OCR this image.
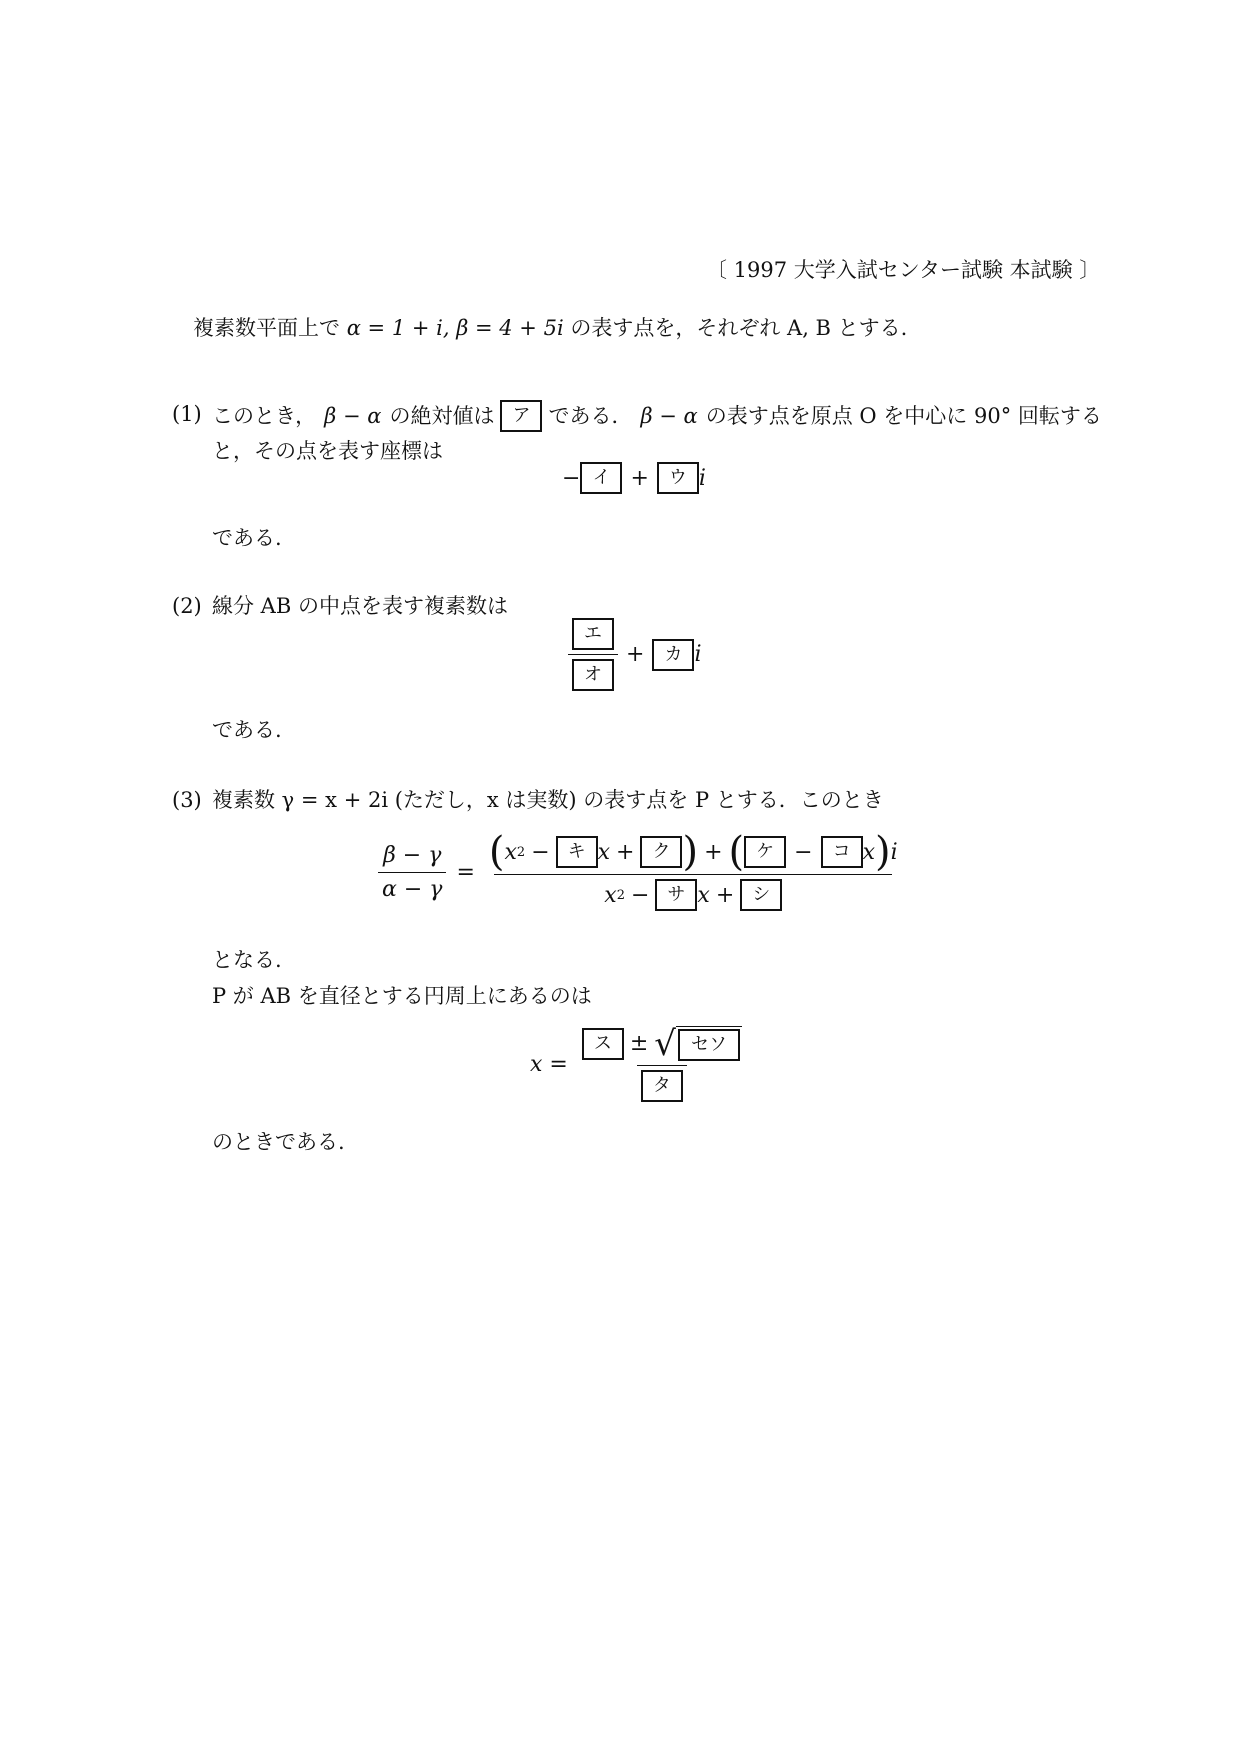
〔 1997 大学入試センター試験 本試験 〕
複素数平面上で α = 1 + i, β = 4 + 5i の表す点を，それぞれ A, B とする.
(1) このとき， β − α の絶対値は	ア である． β − α の表す点を原点 O を中心に 90° 回転する
と，その点を表す座標は
− イ +	ウ i
である.
(2) 線分 AB の中点を表す複素数は
$\frac{\text{エ}}{\text{オ}}$ +	カ i
である.
(3) 複素数 γ = x + 2i (ただし，x は実数) の表す点を P とする．このとき
$\frac{\beta - \gamma}{\alpha - \gamma}$ = ( x 2 −	キ x +	ク ) + ( ケ −	コ x ) i
x 2 −	サ x +	シ
となる.
P が AB を直径とする円周上にあるのは
$x = \frac{\text{ス ± √ セソ}}{\text{タ}}$
のときである.
